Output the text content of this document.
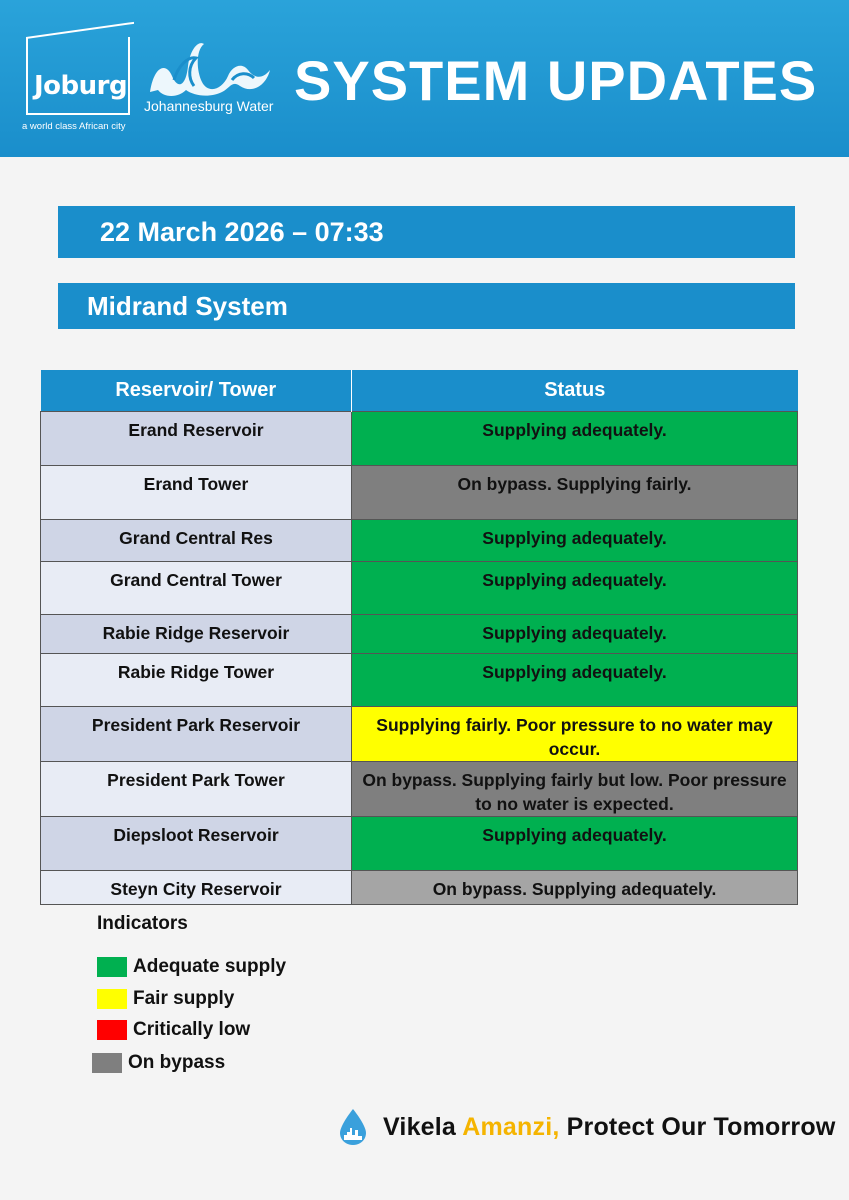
Joburg
a world class African city
Johannesburg Water SYSTEM UPDATES
22 March 2026 – 07:33
Midrand System
Reservoir/ Tower	Status
Erand Reservoir	Supplying adequately.
Erand Tower	On bypass. Supplying fairly.
Grand Central Res	Supplying adequately.
Grand Central Tower	Supplying adequately.
Rabie Ridge Reservoir	Supplying adequately.
Rabie Ridge Tower	Supplying adequately.
President Park Reservoir	Supplying fairly. Poor pressure to no water may occur.
President Park Tower	On bypass. Supplying fairly but low. Poor pressure to no water is expected.
Diepsloot Reservoir	Supplying adequately.
Steyn City Reservoir	On bypass. Supplying adequately.
Indicators
Adequate supply
Fair supply
Critically low
On bypass
Vikela Amanzi, Protect Our Tomorrow
